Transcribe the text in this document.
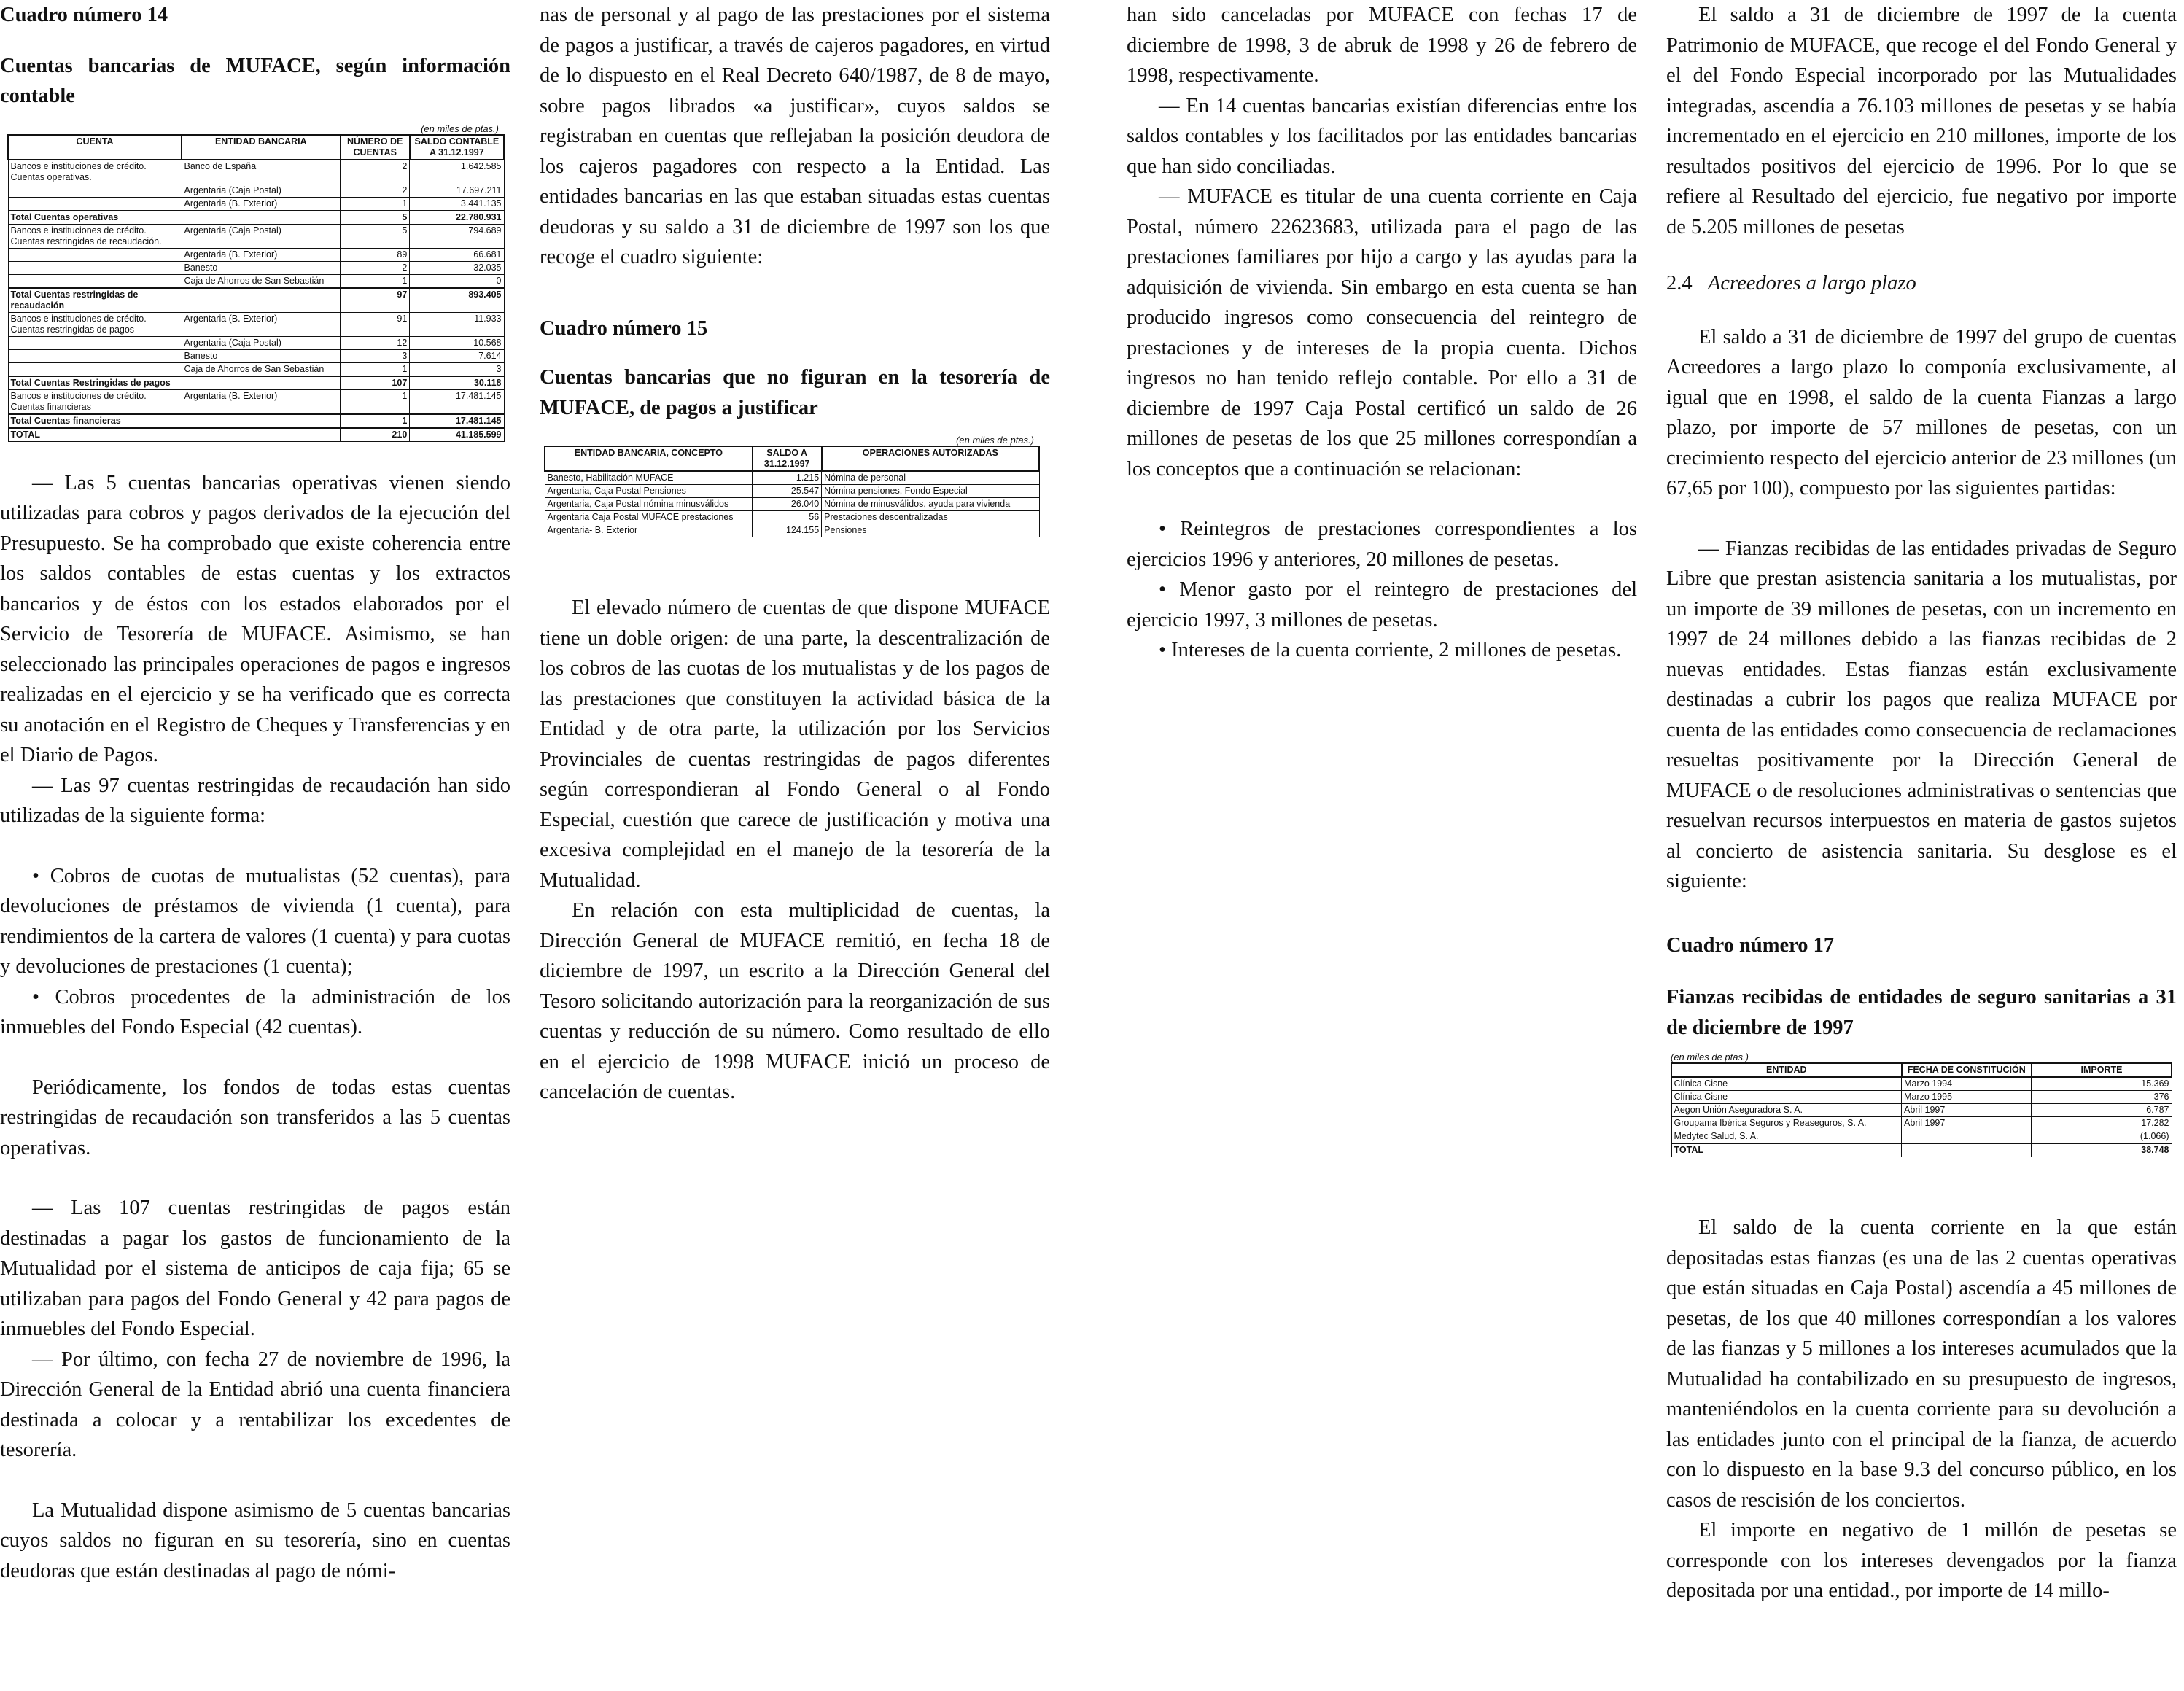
Cuadro número 14

Cuentas bancarias de MUFACE, según información contable

(en miles de ptas.)
CUENTA	ENTIDAD BANCARIA	NÚMERO DE CUENTAS	SALDO CONTABLE A 31.12.1997
Bancos e instituciones de crédito. Cuentas operativas.	Banco de España	2	1.642.585
	Argentaria (Caja Postal)	2	17.697.211
	Argentaria (B. Exterior)	1	3.441.135
Total Cuentas operativas		5	22.780.931
Bancos e instituciones de crédito. Cuentas restringidas de recaudación.	Argentaria (Caja Postal)	5	794.689
	Argentaria (B. Exterior)	89	66.681
	Banesto	2	32.035
	Caja de Ahorros de San Sebastián	1	0
Total Cuentas restringidas de recaudación		97	893.405
Bancos e instituciones de crédito. Cuentas restringidas de pagos	Argentaria (B. Exterior)	91	11.933
	Argentaria (Caja Postal)	12	10.568
	Banesto	3	7.614
	Caja de Ahorros de San Sebastián	1	3
Total Cuentas Restringidas de pagos		107	30.118
Bancos e instituciones de crédito. Cuentas financieras	Argentaria (B. Exterior)	1	17.481.145
Total Cuentas financieras		1	17.481.145
TOTAL		210	41.185.599

— Las 5 cuentas bancarias operativas vienen siendo utilizadas para cobros y pagos derivados de la ejecución del Presupuesto. Se ha comprobado que existe coherencia entre los saldos contables de estas cuentas y los extractos bancarios y de éstos con los estados elaborados por el Servicio de Tesorería de MUFACE. Asimismo, se han seleccionado las principales operaciones de pagos e ingresos realizadas en el ejercicio y se ha verificado que es correcta su anotación en el Registro de Cheques y Transferencias y en el Diario de Pagos.

— Las 97 cuentas restringidas de recaudación han sido utilizadas de la siguiente forma:

• Cobros de cuotas de mutualistas (52 cuentas), para devoluciones de préstamos de vivienda (1 cuenta), para rendimientos de la cartera de valores (1 cuenta) y para cuotas y devoluciones de prestaciones (1 cuenta);

• Cobros procedentes de la administración de los inmuebles del Fondo Especial (42 cuentas).

Periódicamente, los fondos de todas estas cuentas restringidas de recaudación son transferidos a las 5 cuentas operativas.

— Las 107 cuentas restringidas de pagos están destinadas a pagar los gastos de funcionamiento de la Mutualidad por el sistema de anticipos de caja fija; 65 se utilizaban para pagos del Fondo General y 42 para pagos de inmuebles del Fondo Especial.

— Por último, con fecha 27 de noviembre de 1996, la Dirección General de la Entidad abrió una cuenta financiera destinada a colocar y a rentabilizar los excedentes de tesorería.

La Mutualidad dispone asimismo de 5 cuentas bancarias cuyos saldos no figuran en su tesorería, sino en cuentas deudoras que están destinadas al pago de nómi-

nas de personal y al pago de las prestaciones por el sistema de pagos a justificar, a través de cajeros pagadores, en virtud de lo dispuesto en el Real Decreto 640/1987, de 8 de mayo, sobre pagos librados «a justificar», cuyos saldos se registraban en cuentas que reflejaban la posición deudora de los cajeros pagadores con respecto a la Entidad. Las entidades bancarias en las que estaban situadas estas cuentas deudoras y su saldo a 31 de diciembre de 1997 son los que recoge el cuadro siguiente:

Cuadro número 15

Cuentas bancarias que no figuran en la tesorería de MUFACE, de pagos a justificar

(en miles de ptas.)
ENTIDAD BANCARIA, CONCEPTO	SALDO A 31.12.1997	OPERACIONES AUTORIZADAS
Banesto, Habilitación MUFACE	1.215	Nómina de personal
Argentaria, Caja Postal Pensiones	25.547	Nómina pensiones, Fondo Especial
Argentaria, Caja Postal nómina minusválidos	26.040	Nómina de minusválidos, ayuda para vivienda
Argentaria Caja Postal MUFACE prestaciones	56	Prestaciones descentralizadas
Argentaria- B. Exterior	124.155	Pensiones

El elevado número de cuentas de que dispone MUFACE tiene un doble origen: de una parte, la descentralización de los cobros de las cuotas de los mutualistas y de los pagos de las prestaciones que constituyen la actividad básica de la Entidad y de otra parte, la utilización por los Servicios Provinciales de cuentas restringidas de pagos diferentes según correspondieran al Fondo General o al Fondo Especial, cuestión que carece de justificación y motiva una excesiva complejidad en el manejo de la tesorería de la Mutualidad.

En relación con esta multiplicidad de cuentas, la Dirección General de MUFACE remitió, en fecha 18 de diciembre de 1997, un escrito a la Dirección General del Tesoro solicitando autorización para la reorganización de sus cuentas y reducción de su número. Como resultado de ello en el ejercicio de 1998 MUFACE inició un proceso de cancelación de cuentas.

han sido canceladas por MUFACE con fechas 17 de diciembre de 1998, 3 de abruk de 1998 y 26 de febrero de 1998, respectivamente.

— En 14 cuentas bancarias existían diferencias entre los saldos contables y los facilitados por las entidades bancarias que han sido conciliadas.

— MUFACE es titular de una cuenta corriente en Caja Postal, número 22623683, utilizada para el pago de las prestaciones familiares por hijo a cargo y las ayudas para la adquisición de vivienda. Sin embargo en esta cuenta se han producido ingresos como consecuencia del reintegro de prestaciones y de intereses de la propia cuenta. Dichos ingresos no han tenido reflejo contable. Por ello a 31 de diciembre de 1997 Caja Postal certificó un saldo de 26 millones de pesetas de los que 25 millones correspondían a los conceptos que a continuación se relacionan:

• Reintegros de prestaciones correspondientes a los ejercicios 1996 y anteriores, 20 millones de pesetas.

• Menor gasto por el reintegro de prestaciones del ejercicio 1997, 3 millones de pesetas.

• Intereses de la cuenta corriente, 2 millones de pesetas.

El saldo a 31 de diciembre de 1997 de la cuenta Patrimonio de MUFACE, que recoge el del Fondo General y el del Fondo Especial incorporado por las Mutualidades integradas, ascendía a 76.103 millones de pesetas y se había incrementado en el ejercicio en 210 millones, importe de los resultados positivos del ejercicio de 1996. Por lo que se refiere al Resultado del ejercicio, fue negativo por importe de 5.205 millones de pesetas

2.4 Acreedores a largo plazo

El saldo a 31 de diciembre de 1997 del grupo de cuentas Acreedores a largo plazo lo componía exclusivamente, al igual que en 1998, el saldo de la cuenta Fianzas a largo plazo, por importe de 57 millones de pesetas, con un crecimiento respecto del ejercicio anterior de 23 millones (un 67,65 por 100), compuesto por las siguientes partidas:

— Fianzas recibidas de las entidades privadas de Seguro Libre que prestan asistencia sanitaria a los mutualistas, por un importe de 39 millones de pesetas, con un incremento en 1997 de 24 millones debido a las fianzas recibidas de 2 nuevas entidades. Estas fianzas están exclusivamente destinadas a cubrir los pagos que realiza MUFACE por cuenta de las entidades como consecuencia de reclamaciones resueltas positivamente por la Dirección General de MUFACE o de resoluciones administrativas o sentencias que resuelvan recursos interpuestos en materia de gastos sujetos al concierto de asistencia sanitaria. Su desglose es el siguiente:

Cuadro número 17

Fianzas recibidas de entidades de seguro sanitarias a 31 de diciembre de 1997

(en miles de ptas.)
ENTIDAD	FECHA DE CONSTITUCIÓN	IMPORTE
Clínica Cisne	Marzo 1994	15.369
Clínica Cisne	Marzo 1995	376
Aegon Unión Aseguradora S. A.	Abril 1997	6.787
Groupama Ibérica Seguros y Reaseguros, S. A.	Abril 1997	17.282
Medytec Salud, S. A.		(1.066)
TOTAL		38.748

El saldo de la cuenta corriente en la que están depositadas estas fianzas (es una de las 2 cuentas operativas que están situadas en Caja Postal) ascendía a 45 millones de pesetas, de los que 40 millones correspondían a los valores de las fianzas y 5 millones a los intereses acumulados que la Mutualidad ha contabilizado en su presupuesto de ingresos, manteniéndolos en la cuenta corriente para su devolución a las entidades junto con el principal de la fianza, de acuerdo con lo dispuesto en la base 9.3 del concurso público, en los casos de rescisión de los conciertos.

El importe en negativo de 1 millón de pesetas se corresponde con los intereses devengados por la fianza depositada por una entidad., por importe de 14 millo-
